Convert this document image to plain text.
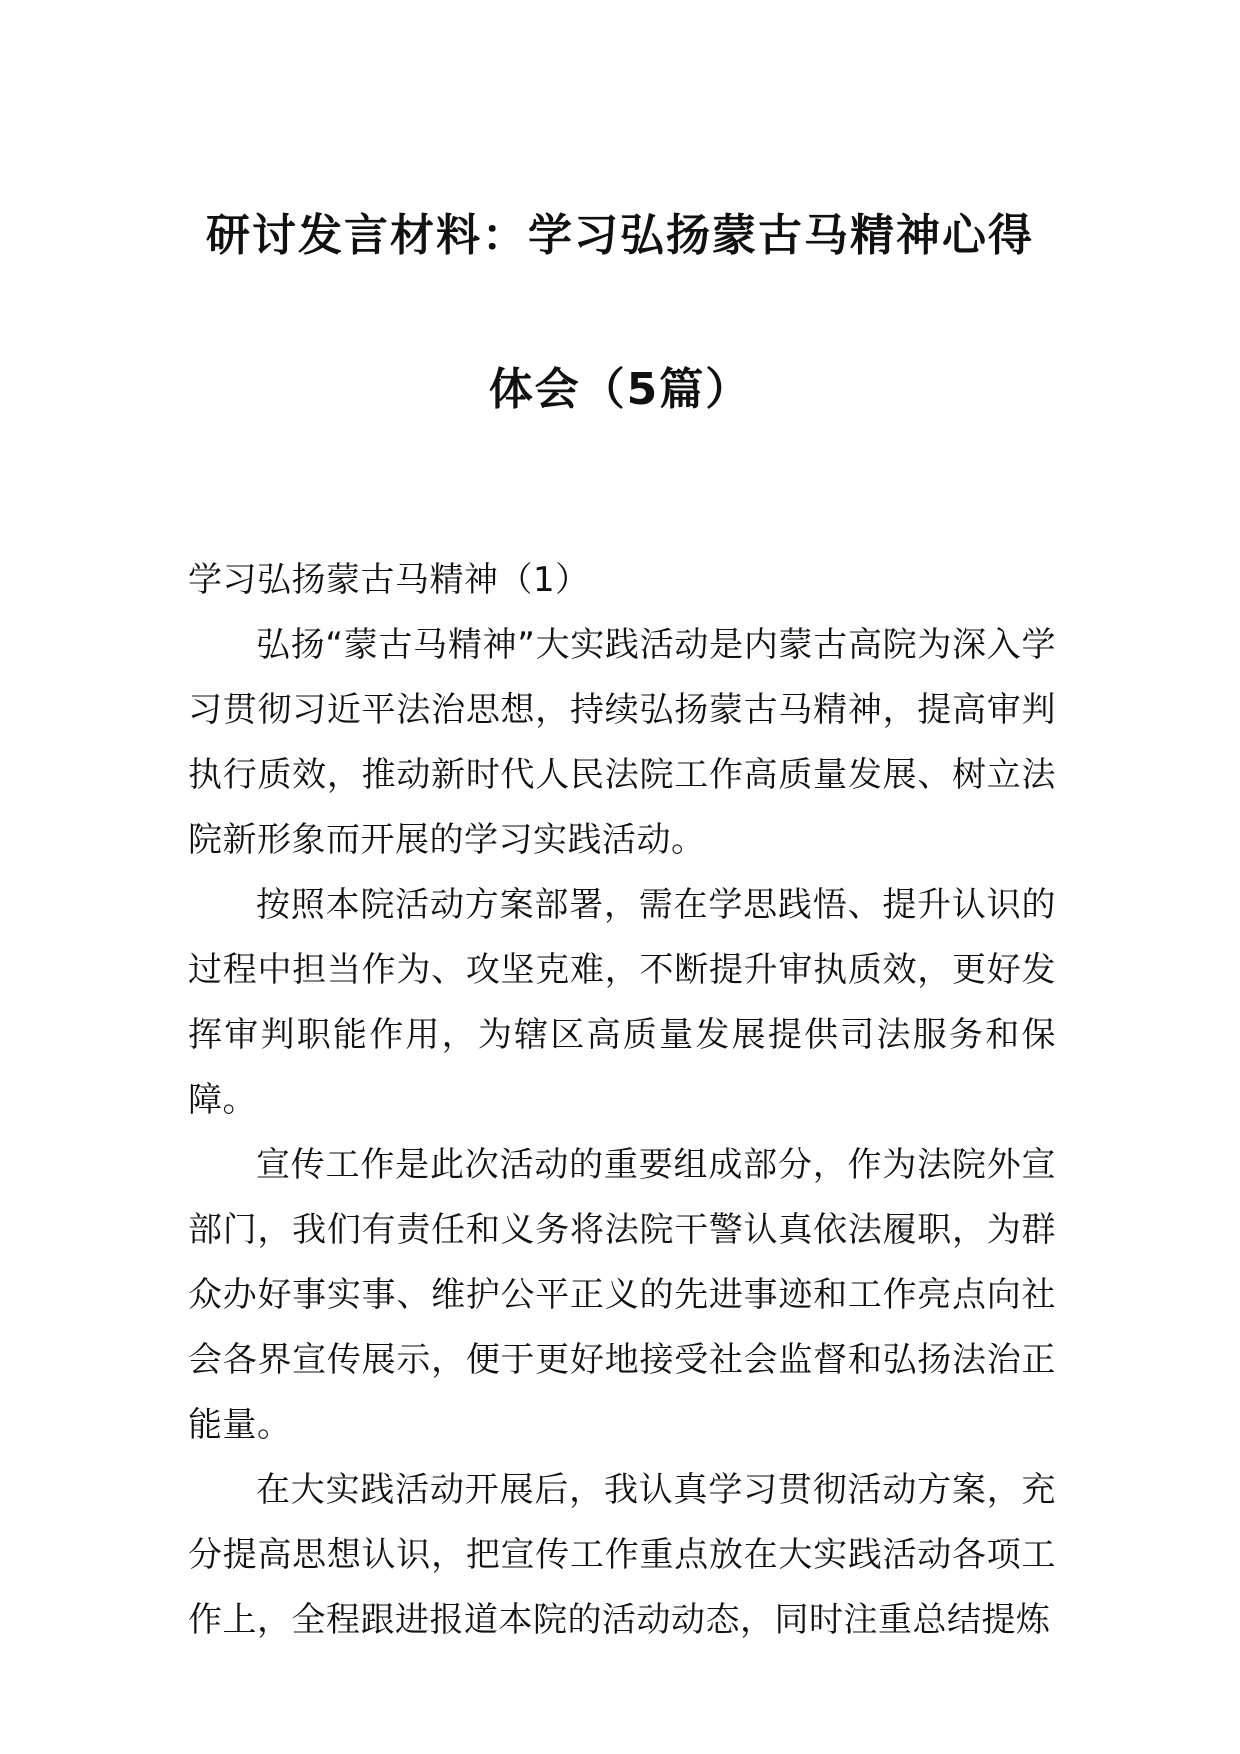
研讨发言材料：学习弘扬蒙古马精神心得
体会（5篇）

学习弘扬蒙古马精神（1）

弘扬“蒙古马精神”大实践活动是内蒙古高院为深入学习贯彻习近平法治思想，持续弘扬蒙古马精神，提高审判执行质效，推动新时代人民法院工作高质量发展、树立法院新形象而开展的学习实践活动。

按照本院活动方案部署，需在学思践悟、提升认识的过程中担当作为、攻坚克难，不断提升审执质效，更好发挥审判职能作用，为辖区高质量发展提供司法服务和保障。

宣传工作是此次活动的重要组成部分，作为法院外宣部门，我们有责任和义务将法院干警认真依法履职，为群众办好事实事、维护公平正义的先进事迹和工作亮点向社会各界宣传展示，便于更好地接受社会监督和弘扬法治正能量。

在大实践活动开展后，我认真学习贯彻活动方案，充分提高思想认识，把宣传工作重点放在大实践活动各项工作上，全程跟进报道本院的活动动态，同时注重总结提炼
